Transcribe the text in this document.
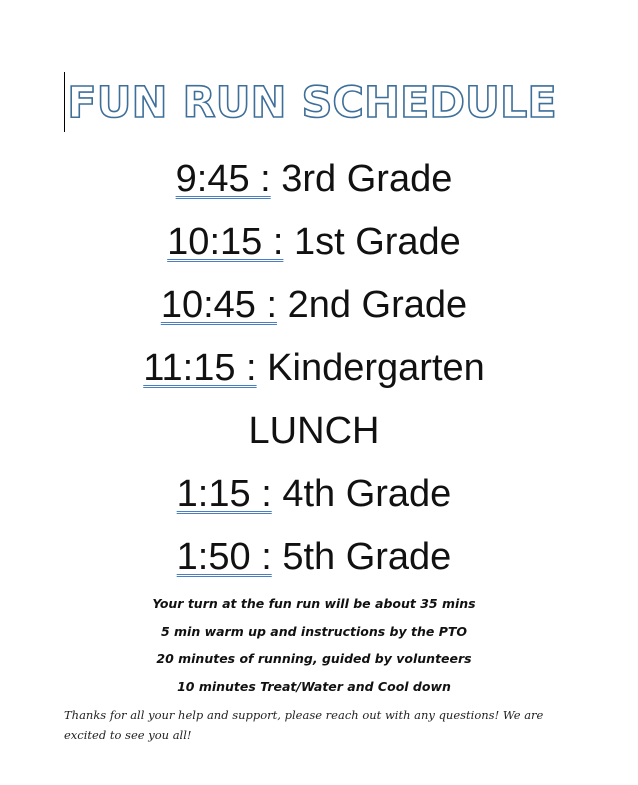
FUN RUN SCHEDULE
9:45 : 3rd Grade
10:15 : 1st Grade
10:45 : 2nd Grade
11:15 : Kindergarten
LUNCH
1:15 : 4th Grade
1:50 : 5th Grade
Your turn at the fun run will be about 35 mins
5 min warm up and instructions by the PTO
20 minutes of running, guided by volunteers
10 minutes Treat/Water and Cool down
Thanks for all your help and support, please reach out with any questions! We are excited to see you all!
